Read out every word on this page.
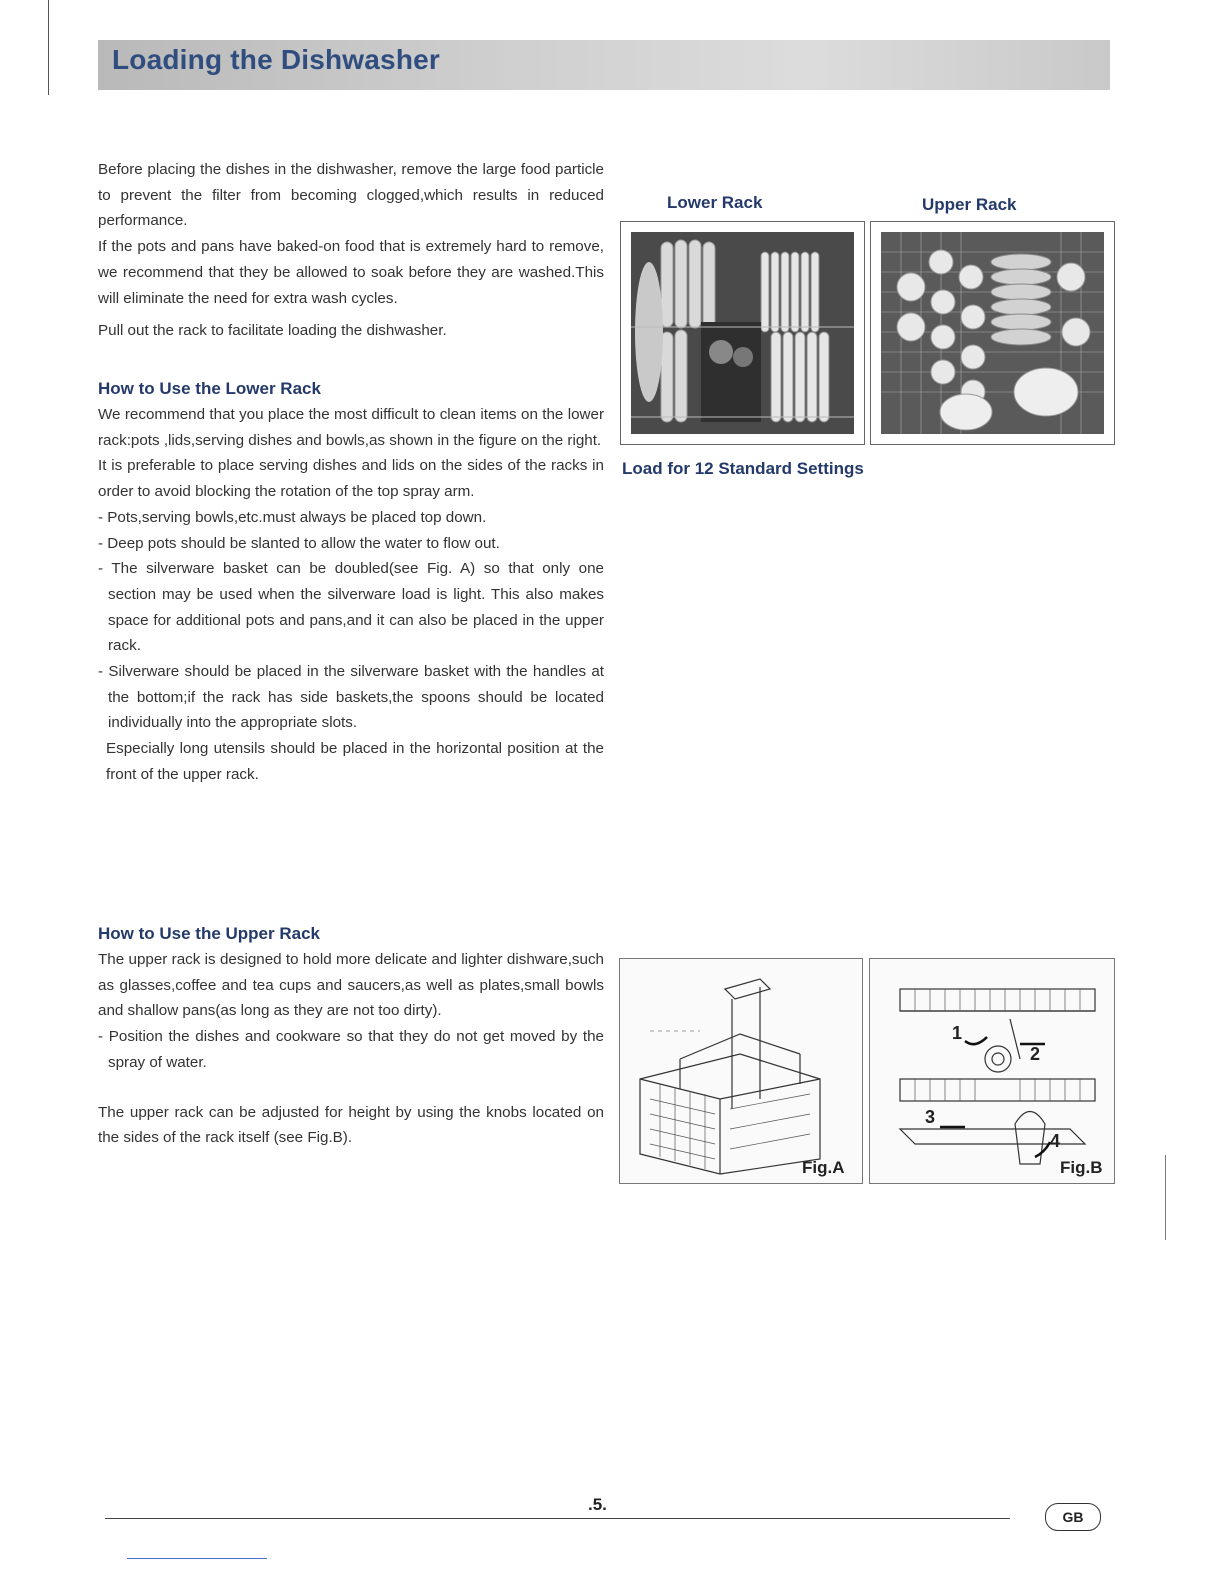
Loading the Dishwasher

Before placing the dishes in the dishwasher, remove the large food particle to prevent the filter from becoming clogged,which results in reduced performance.

If the pots and pans have baked-on food that is extremely hard to remove, we recommend that they be allowed to soak before they are washed.This will eliminate the need for extra wash cycles.

Pull out the rack to facilitate loading the dishwasher.

How to Use the Lower Rack

We recommend that you place the most difficult to clean items on the lower rack:pots ,lids,serving dishes and bowls,as shown in the figure on the right.

It is preferable to place serving dishes and lids on the sides of the racks in order to avoid blocking the rotation of the top spray arm.

- Pots,serving bowls,etc.must always be placed top down.

- Deep pots should be slanted to allow the water to flow out.

- The silverware basket can be doubled(see Fig. A) so that only one section may be used when the silverware load is light. This also makes space for additional pots and pans,and it can also be placed in the upper rack.

- Silverware should be placed in the silverware basket with the handles at the bottom;if the rack has side baskets,the spoons should be located individually into the appropriate slots.

Especially long utensils should be placed in the horizontal position at the front of the upper rack.

How to Use the Upper Rack

The upper rack is designed to hold more delicate and lighter dishware,such as glasses,coffee and tea cups and saucers,as well as plates,small bowls and shallow pans(as long as they are not too dirty).

- Position the dishes and cookware so that they do not get moved by the spray of water.

The upper rack can be adjusted for height by using the knobs located on the sides of the rack itself (see Fig.B).

Lower Rack	Upper Rack
Load for 12 Standard Settings
Fig.A
1
2
3
4
Fig.B
.5.
GB
